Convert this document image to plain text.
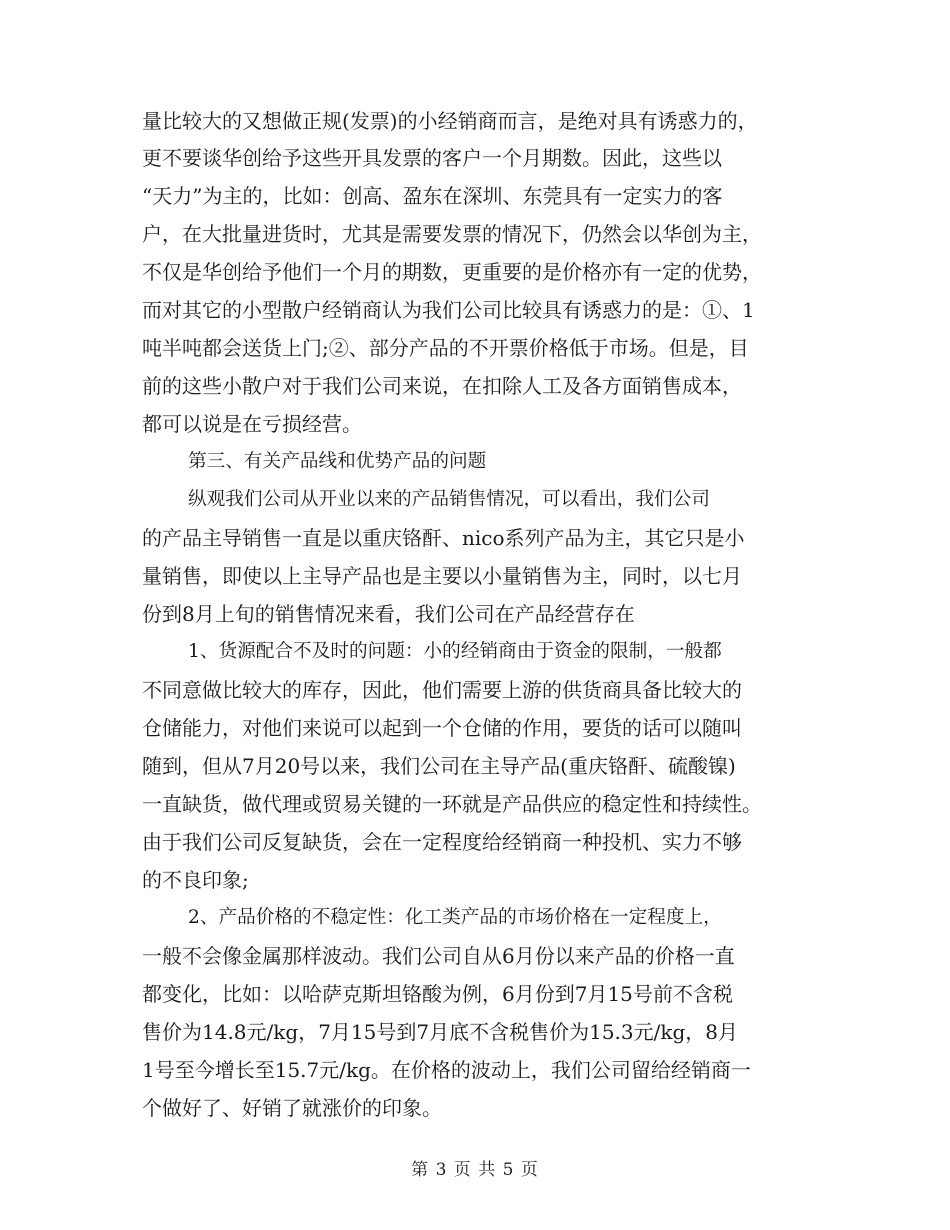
量比较大的又想做正规(发票)的小经销商而言，是绝对具有诱惑力的，
更不要谈华创给予这些开具发票的客户一个月期数。因此，这些以
“天力”为主的，比如：创高、盈东在深圳、东莞具有一定实力的客
户，在大批量进货时，尤其是需要发票的情况下，仍然会以华创为主，
不仅是华创给予他们一个月的期数，更重要的是价格亦有一定的优势，
而对其它的小型散户经销商认为我们公司比较具有诱惑力的是：①、1
吨半吨都会送货上门;②、部分产品的不开票价格低于市场。但是，目
前的这些小散户对于我们公司来说，在扣除人工及各方面销售成本，
都可以说是在亏损经营。
第三、有关产品线和优势产品的问题
纵观我们公司从开业以来的产品销售情况，可以看出，我们公司
的产品主导销售一直是以重庆铬酐、nico系列产品为主，其它只是小
量销售，即使以上主导产品也是主要以小量销售为主，同时，以七月
份到8月上旬的销售情况来看，我们公司在产品经营存在
1、货源配合不及时的问题：小的经销商由于资金的限制，一般都
不同意做比较大的库存，因此，他们需要上游的供货商具备比较大的
仓储能力，对他们来说可以起到一个仓储的作用，要货的话可以随叫
随到，但从7月20号以来，我们公司在主导产品(重庆铬酐、硫酸镍)
一直缺货，做代理或贸易关键的一环就是产品供应的稳定性和持续性。
由于我们公司反复缺货，会在一定程度给经销商一种投机、实力不够
的不良印象;
2、产品价格的不稳定性：化工类产品的市场价格在一定程度上，
一般不会像金属那样波动。我们公司自从6月份以来产品的价格一直
都变化，比如：以哈萨克斯坦铬酸为例，6月份到7月15号前不含税
售价为14.8元/kg，7月15号到7月底不含税售价为15.3元/kg，8月
1号至今增长至15.7元/kg。在价格的波动上，我们公司留给经销商一
个做好了、好销了就涨价的印象。
第 3 页 共 5 页
